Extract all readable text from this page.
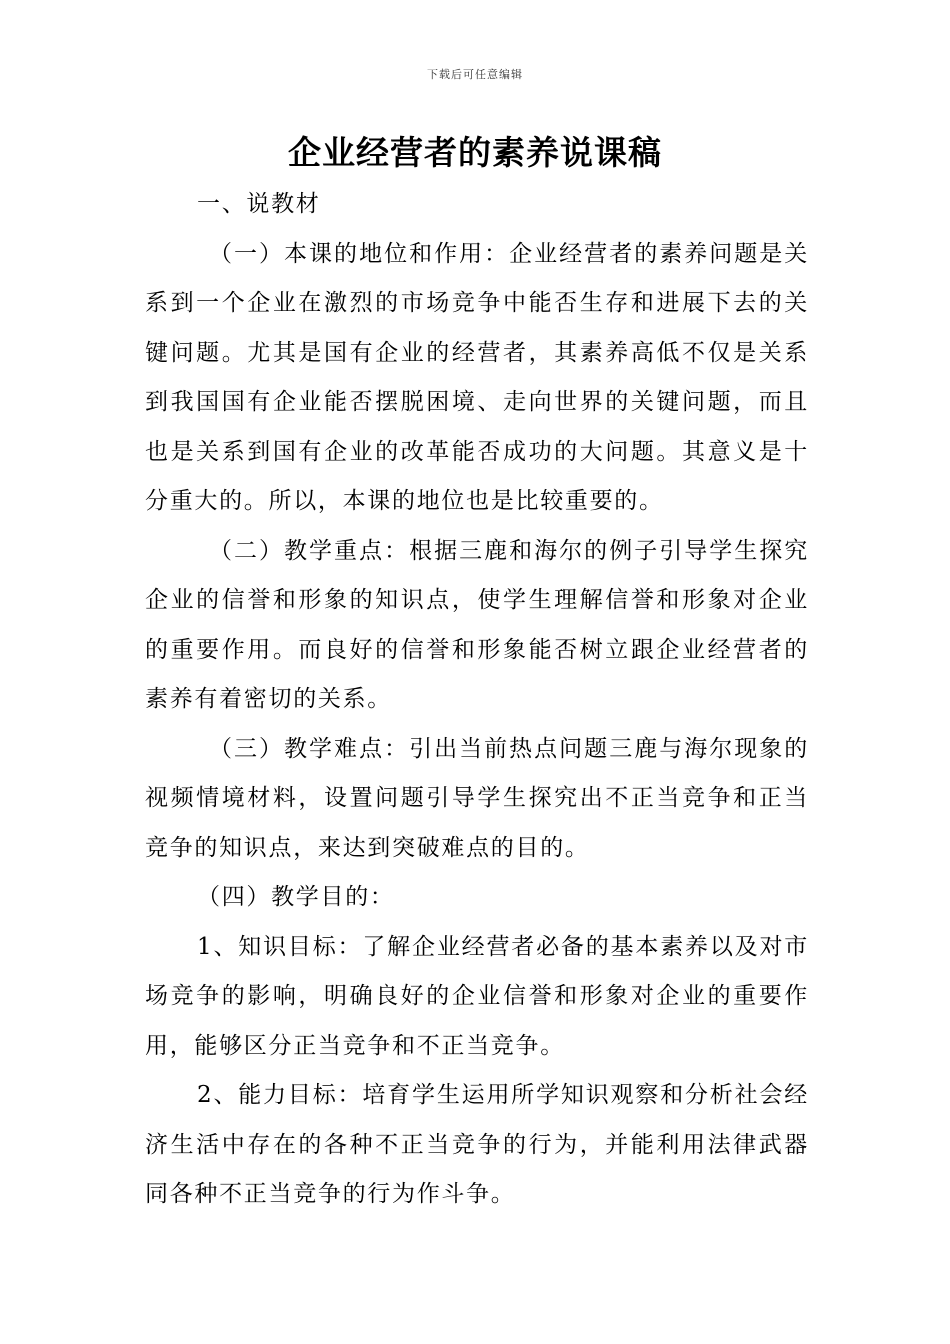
下载后可任意编辑
企业经营者的素养说课稿

一、说教材

（一）本课的地位和作用：企业经营者的素养问题是关系到一个企业在激烈的市场竞争中能否生存和进展下去的关键问题。尤其是国有企业的经营者，其素养高低不仅是关系到我国国有企业能否摆脱困境、走向世界的关键问题，而且也是关系到国有企业的改革能否成功的大问题。其意义是十分重大的。所以，本课的地位也是比较重要的。

（二）教学重点：根据三鹿和海尔的例子引导学生探究企业的信誉和形象的知识点，使学生理解信誉和形象对企业的重要作用。而良好的信誉和形象能否树立跟企业经营者的素养有着密切的关系。

（三）教学难点：引出当前热点问题三鹿与海尔现象的视频情境材料，设置问题引导学生探究出不正当竞争和正当竞争的知识点，来达到突破难点的目的。

（四）教学目的：

1、知识目标：了解企业经营者必备的基本素养以及对市场竞争的影响，明确良好的企业信誉和形象对企业的重要作用，能够区分正当竞争和不正当竞争。

2、能力目标：培育学生运用所学知识观察和分析社会经济生活中存在的各种不正当竞争的行为，并能利用法律武器同各种不正当竞争的行为作斗争。
